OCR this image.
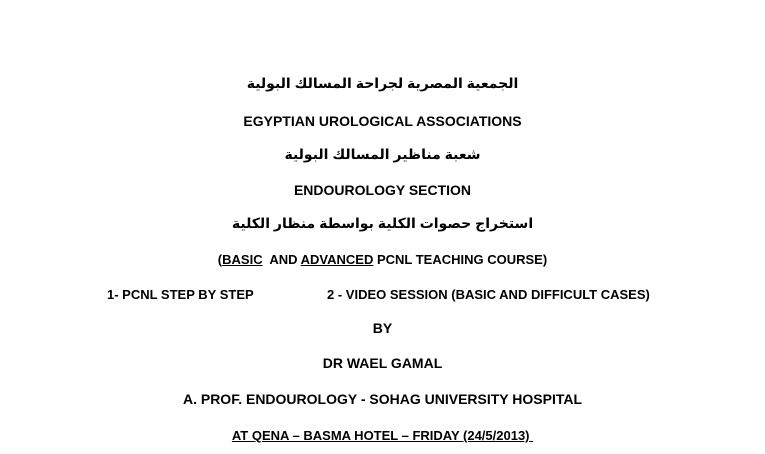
الجمعية المصرية لجراحة المسالك البولية
EGYPTIAN UROLOGICAL ASSOCIATIONS
شعبة مناظير المسالك البولية
ENDOUROLOGY SECTION
استخراج حصوات الكلية بواسطة منظار الكلية
(BASIC  AND ADVANCED PCNL TEACHING COURSE)
1- PCNL STEP BY STEP	2 - VIDEO SESSION (BASIC AND DIFFICULT CASES)
BY
DR WAEL GAMAL
A. PROF. ENDOUROLOGY - SOHAG UNIVERSITY HOSPITAL
AT QENA – BASMA HOTEL – FRIDAY (24/5/2013)
